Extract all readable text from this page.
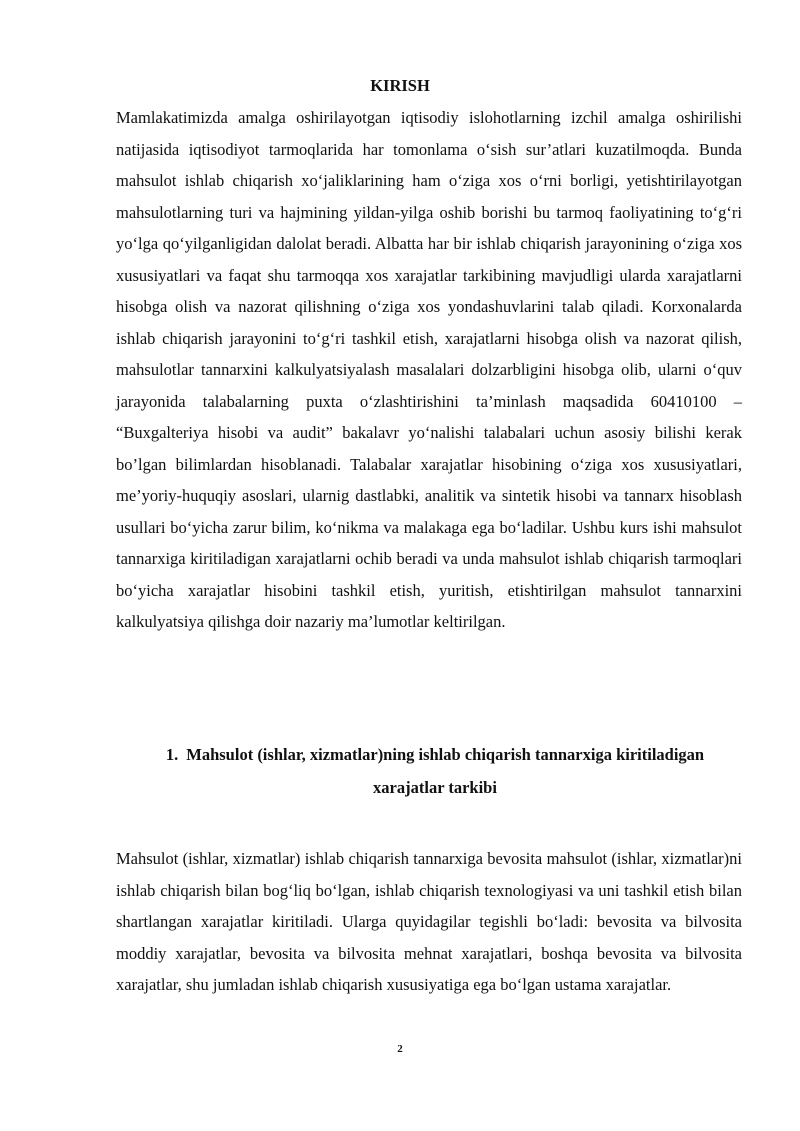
KIRISH

Mamlakatimizda amalga oshirilayotgan iqtisodiy islohotlarning izchil amalga oshirilishi natijasida iqtisodiyot tarmoqlarida har tomonlama o‘sish sur’atlari kuzatilmoqda. Bunda mahsulot ishlab chiqarish xo‘jaliklarining ham o‘ziga xos o‘rni borligi, yetishtirilayotgan mahsulotlarning turi va hajmining yildan-yilga oshib borishi bu tarmoq faoliyatining to‘g‘ri yo‘lga qo‘yilganligidan dalolat beradi. Albatta har bir ishlab chiqarish jarayonining o‘ziga xos xususiyatlari va faqat shu tarmoqqa xos xarajatlar tarkibining mavjudligi ularda xarajatlarni hisobga olish va nazorat qilishning o‘ziga xos yondashuvlarini talab qiladi. Korxonalarda ishlab chiqarish jarayonini to‘g‘ri tashkil etish, xarajatlarni hisobga olish va nazorat qilish, mahsulotlar tannarxini kalkulyatsiyalash masalalari dolzarbligini hisobga olib, ularni o‘quv jarayonida talabalarning puxta o‘zlashtirishini ta’minlash maqsadida 60410100 – “Buxgalteriya hisobi va audit” bakalavr yo‘nalishi talabalari uchun asosiy bilishi kerak bo’lgan bilimlardan hisoblanadi. Talabalar xarajatlar hisobining o‘ziga xos xususiyatlari, me’yoriy-huquqiy asoslari, ularnig dastlabki, analitik va sintetik hisobi va tannarx hisoblash usullari bo‘yicha zarur bilim, ko‘nikma va malakaga ega bo‘ladilar. Ushbu kurs ishi mahsulot tannarxiga kiritiladigan xarajatlarni ochib beradi va unda mahsulot ishlab chiqarish tarmoqlari bo‘yicha xarajatlar hisobini tashkil etish, yuritish, etishtirilgan mahsulot tannarxini kalkulyatsiya qilishga doir nazariy ma’lumotlar keltirilgan.

1. Mahsulot (ishlar, xizmatlar)ning ishlab chiqarish tannarxiga kiritiladigan xarajatlar tarkibi

Mahsulot (ishlar, xizmatlar) ishlab chiqarish tannarxiga bevosita mahsulot (ishlar, xizmatlar)ni ishlab chiqarish bilan bog‘liq bo‘lgan, ishlab chiqarish texnologiyasi va uni tashkil etish bilan shartlangan xarajatlar kiritiladi. Ularga quyidagilar tegishli bo‘ladi: bevosita va bilvosita moddiy xarajatlar, bevosita va bilvosita mehnat xarajatlari, boshqa bevosita va bilvosita xarajatlar, shu jumladan ishlab chiqarish xususiyatiga ega bo‘lgan ustama xarajatlar.

2
